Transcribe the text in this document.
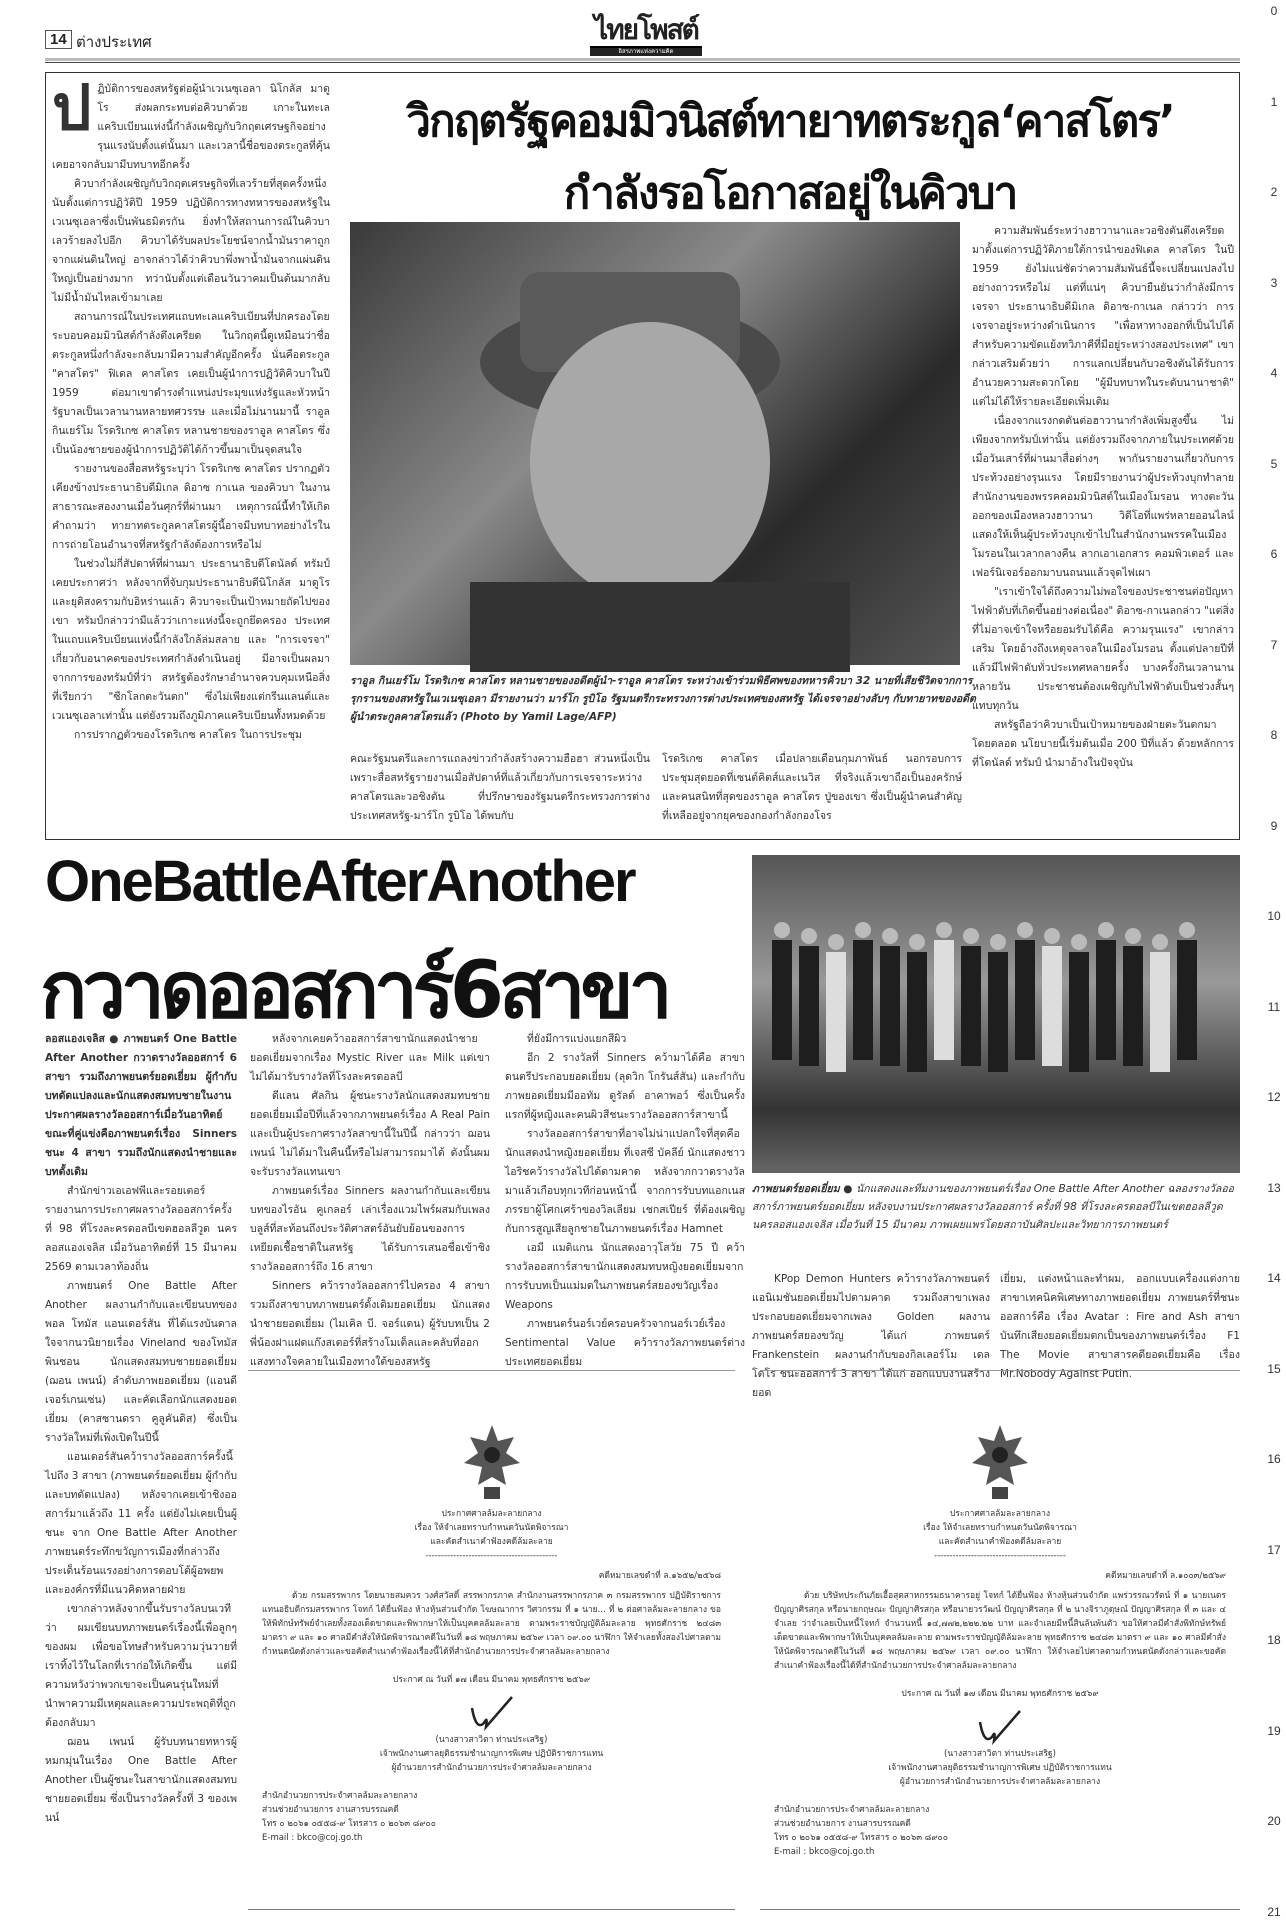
14 ต่างประเทศ	ไทยโพสต์
อิสรภาพแห่งความคิด
ป ฏิบัติการของสหรัฐต่อผู้นำเวเนซุเอลา นิโกลัส มาดูโร ส่งผลกระทบต่อคิวบาด้วย เกาะในทะเลแคริบเบียนแห่งนี้กำลังเผชิญกับวิกฤตเศรษฐกิจอย่างรุนแรงนับตั้งแต่นั้นมา และเวลานี้ชื่อของตระกูลที่คุ้นเคยอาจกลับมามีบทบาทอีกครั้ง

คิวบากำลังเผชิญกับวิกฤตเศรษฐกิจที่เลวร้ายที่สุดครั้งหนึ่งนับตั้งแต่การปฏิวัติปี 1959 ปฏิบัติการทางทหารของสหรัฐในเวเนซุเอลาซึ่งเป็นพันธมิตรกัน ยิ่งทำให้สถานการณ์ในคิวบาเลวร้ายลงไปอีก คิวบาได้รับผลประโยชน์จากน้ำมันราคาถูกจากแผ่นดินใหญ่ อาจกล่าวได้ว่าคิวบาพึ่งพาน้ำมันจากแผ่นดินใหญ่เป็นอย่างมาก ทว่านับตั้งแต่เดือนวันวาคมเป็นต้นมากลับไม่มีน้ำมันไหลเข้ามาเลย

สถานการณ์ในประเทศแถบทะเลแคริบเบียนที่ปกครองโดยระบอบคอมมิวนิสต์กำลังตึงเครียด ในวิกฤตนี้ดูเหมือนว่าชื่อตระกูลหนึ่งกำลังจะกลับมามีความสำคัญอีกครั้ง นั่นคือตระกูล "คาสโตร" ฟิเดล คาสโตร เคยเป็นผู้นำการปฏิวัติคิวบาในปี 1959 ต่อมาเขาดำรงตำแหน่งประมุขแห่งรัฐและหัวหน้ารัฐบาลเป็นเวลานานหลายทศวรรษ และเมื่อไม่นานมานี้ ราอูล กินเยร์โม โรดริเกซ คาสโตร หลานชายของราอูล คาสโตร ซึ่งเป็นน้องชายของผู้นำการปฏิวัติได้ก้าวขึ้นมาเป็นจุดสนใจ

รายงานของสื่อสหรัฐระบุว่า โรดริเกซ คาสโตร ปรากฏตัวเคียงข้างประธานาธิบดีมิเกล ดิอาซ กาเนล ของคิวบา ในงานสาธารณะสองงานเมื่อวันศุกร์ที่ผ่านมา เหตุการณ์นี้ทำให้เกิดคำถามว่า ทายาทตระกูลคาสโตรผู้นี้อาจมีบทบาทอย่างไรในการถ่ายโอนอำนาจที่สหรัฐกำลังต้องการหรือไม่

ในช่วงไม่กี่สัปดาห์ที่ผ่านมา ประธานาธิบดีโดนัลด์ ทรัมป์ เคยประกาศว่า หลังจากที่จับกุมประธานาธิบดีนิโกลัส มาดูโร และยุติสงครามกับอิหร่านแล้ว คิวบาจะเป็นเป้าหมายถัดไปของเขา ทรัมป์กล่าวว่ามีแล้วว่าเกาะแห่งนี้จะถูกยึดครอง ประเทศในแถบแคริบเบียนแห่งนี้กำลังใกล้ล่มสลาย และ "การเจรจา" เกี่ยวกับอนาคตของประเทศกำลังดำเนินอยู่ มีอาจเป็นผลมาจากการของทรัมป์ที่ว่า สหรัฐต้องรักษาอำนาจควบคุมเหนือสิ่งที่เรียกว่า "ซีกโลกตะวันตก" ซึ่งไม่เพียงแต่กรีนแลนด์และเวเนซุเอลาเท่านั้น แต่ยังรวมถึงภูมิภาคแคริบเบียนทั้งหมดด้วย

การปรากฏตัวของโรดริเกซ คาสโตร ในการประชุม

วิกฤตรัฐคอมมิวนิสต์ทายาทตระกูล‘คาสโตร’
กำลังรอโอกาสอยู่ในคิวบา
ราอูล กินเยร์โม โรดริเกซ คาสโตร หลานชายของอดีตผู้นำ-ราอูล คาสโตร ระหว่างเข้าร่วมพิธีศพของทหารคิวบา 32 นายที่เสียชีวิตจากการรุกรานของสหรัฐในเวเนซุเอลา มีรายงานว่า มาร์โก รูบิโอ รัฐมนตรีกระทรวงการต่างประเทศของสหรัฐ ได้เจรจาอย่างลับๆ กับทายาทของอดีตผู้นำตระกูลคาสโตรแล้ว (Photo by Yamil Lage/AFP)

คณะรัฐมนตรีและการแถลงข่าวกำลังสร้างความฮือฮา ส่วนหนึ่งเป็นเพราะสื่อสหรัฐรายงานเมื่อสัปดาห์ที่แล้วเกี่ยวกับการเจรจาระหว่างคาสโตรและวอชิงตัน ที่ปรึกษาของรัฐมนตรีกระทรวงการต่างประเทศสหรัฐ-มาร์โก รูบิโอ ได้พบกับ

โรดริเกซ คาสโตร เมื่อปลายเดือนกุมภาพันธ์ นอกรอบการประชุมสุดยอดที่เซนต์คิตส์และเนวิส ที่จริงแล้วเขาถือเป็นองครักษ์และคนสนิทที่สุดของราอูล คาสโตร ปู่ของเขา ซึ่งเป็นผู้นำคนสำคัญที่เหลืออยู่จากยุคของกองกำลังกองโจร

ความสัมพันธ์ระหว่างฮาวานาและวอชิงตันตึงเครียดมาตั้งแต่การปฏิวัติภายใต้การนำของฟิเดล คาสโตร ในปี 1959 ยังไม่แน่ชัดว่าความสัมพันธ์นี้จะเปลี่ยนแปลงไปอย่างถาวรหรือไม่ แต่ที่แน่ๆ คิวบายืนยันว่ากำลังมีการเจรจา ประธานาธิบดีมิเกล ดิอาซ-กาเนล กล่าวว่า การเจรจาอยู่ระหว่างดำเนินการ "เพื่อหาทางออกที่เป็นไปได้สำหรับความขัดแย้งทวิภาคีที่มีอยู่ระหว่างสองประเทศ" เขากล่าวเสริมด้วยว่า การแลกเปลี่ยนกับวอชิงตันได้รับการอำนวยความสะดวกโดย "ผู้มีบทบาทในระดับนานาชาติ" แต่ไม่ได้ให้รายละเอียดเพิ่มเติม

เนื่องจากแรงกดดันต่อฮาวานากำลังเพิ่มสูงขึ้น ไม่เพียงจากทรัมป์เท่านั้น แต่ยังรวมถึงจากภายในประเทศด้วย เมื่อวันเสาร์ที่ผ่านมาสื่อต่างๆ พากันรายงานเกี่ยวกับการประท้วงอย่างรุนแรง โดยมีรายงานว่าผู้ประท้วงบุกทำลายสำนักงานของพรรคคอมมิวนิสต์ในเมืองโมรอน ทางตะวันออกของเมืองหลวงฮาวานา วิดีโอที่แพร่หลายออนไลน์แสดงให้เห็นผู้ประท้วงบุกเข้าไปในสำนักงานพรรคในเมืองโมรอนในเวลากลางคืน ลากเอาเอกสาร คอมพิวเตอร์ และเฟอร์นิเจอร์ออกมาบนถนนแล้วจุดไฟเผา

"เราเข้าใจได้ถึงความไม่พอใจของประชาชนต่อปัญหาไฟฟ้าดับที่เกิดขึ้นอย่างต่อเนื่อง" ดิอาซ-กาเนลกล่าว "แต่สิ่งที่ไม่อาจเข้าใจหรือยอมรับได้คือ ความรุนแรง" เขากล่าวเสริม โดยอ้างถึงเหตุจลาจลในเมืองโมรอน ตั้งแต่ปลายปีที่แล้วมีไฟฟ้าดับทั่วประเทศหลายครั้ง บางครั้งกินเวลานานหลายวัน ประชาชนต้องเผชิญกับไฟฟ้าดับเป็นช่วงสั้นๆ แทบทุกวัน

สหรัฐถือว่าคิวบาเป็นเป้าหมายของฝ่ายตะวันตกมาโดยตลอด นโยบายนี้เริ่มต้นเมื่อ 200 ปีที่แล้ว ด้วยหลักการที่โดนัลด์ ทรัมป์ นำมาอ้างในปัจจุบัน

OneBattleAfterAnother
กวาดออสการ์6สาขา
ภาพยนตร์ยอดเยี่ยม ● นักแสดงและทีมงานของภาพยนตร์เรื่อง One Battle After Another ฉลองรางวัลออสการ์ภาพยนตร์ยอดเยี่ยม หลังจบงานประกาศผลรางวัลออสการ์ ครั้งที่ 98 ที่โรงละครดอลบีในเขตฮอลลีวูด นครลอสแองเจลิส เมื่อวันที่ 15 มีนาคม ภาพเผยแพร่โดยสถาบันศิลปะและวิทยาการภาพยนตร์

ลอสแองเจลิส ● ภาพยนตร์ One Battle After Another กวาดรางวัลออสการ์ 6 สาขา รวมถึงภาพยนตร์ยอดเยี่ยม ผู้กำกับบทดัดแปลงและนักแสดงสมทบชายในงานประกาศผลรางวัลออสการ์เมื่อวันอาทิตย์ ขณะที่คู่แข่งคือภาพยนตร์เรื่อง Sinners ชนะ 4 สาขา รวมถึงนักแสดงนำชายและบทดั้งเดิม

สำนักข่าวเอเอฟพีและรอยเตอร์รายงานการประกาศผลรางวัลออสการ์ครั้งที่ 98 ที่โรงละครดอลบีเขตฮอลลีวูด นครลอสแองเจลิส เมื่อวันอาทิตย์ที่ 15 มีนาคม 2569 ตามเวลาท้องถิ่น

ภาพยนตร์ One Battle After Another ผลงานกำกับและเขียนบทของพอล โทมัส แอนเดอร์สัน ที่ได้แรงบันดาลใจจากนวนิยายเรื่อง Vineland ของโทมัส พินชอน นักแสดงสมทบชายยอดเยี่ยม (ฌอน เพนน์) ลำดับภาพยอดเยี่ยม (แอนดี เจอร์เกนเซ่น) และคัดเลือกนักแสดงยอดเยี่ยม (คาสซานดรา คูลูคันดิส) ซึ่งเป็นรางวัลใหม่ที่เพิ่งเปิดในปีนี้

แอนเดอร์สันคว้ารางวัลออสการ์ครั้งนี้ไปถึง 3 สาขา (ภาพยนตร์ยอดเยี่ยม ผู้กำกับและบทดัดแปลง) หลังจากเคยเข้าชิงออสการ์มาแล้วถึง 11 ครั้ง แต่ยังไม่เคยเป็นผู้ชนะ จาก One Battle After Another ภาพยนตร์ระทึกขวัญการเมืองที่กล่าวถึงประเด็นร้อนแรงอย่างการตอบโต้ผู้อพยพและองค์กรที่มีแนวคิดหลายฝ่าย

เขากล่าวหลังจากขึ้นรับรางวัลบนเวทีว่า ผมเขียนบทภาพยนตร์เรื่องนี้เพื่อลูกๆ ของผม เพื่อขอโทษสำหรับความวุ่นวายที่เราทิ้งไว้ในโลกที่เราก่อให้เกิดขึ้น แต่มีความหวังว่าพวกเขาจะเป็นคนรุ่นใหม่ที่นำพาความมีเหตุผลและความประพฤติที่ถูกต้องกลับมา

ฌอน เพนน์ ผู้รับบทนายทหารผู้หมกมุ่นในเรื่อง One Battle After Another เป็นผู้ชนะในสาขานักแสดงสมทบชายยอดเยี่ยม ซึ่งเป็นรางวัลครั้งที่ 3 ของเพนน์

หลังจากเคยคว้าออสการ์สาขานักแสดงนำชายยอดเยี่ยมจากเรื่อง Mystic River และ Milk แต่เขาไม่ได้มารับรางวัลที่โรงละครดอลบี

ดีแลน ศัลกิน ผู้ชนะรางวัลนักแสดงสมทบชายยอดเยี่ยมเมื่อปีที่แล้วจากภาพยนตร์เรื่อง A Real Pain และเป็นผู้ประกาศรางวัลสาขานี้ในปีนี้ กล่าวว่า ฌอน เพนน์ ไม่ได้มาในคืนนี้หรือไม่สามารถมาได้ ดังนั้นผมจะรับรางวัลแทนเขา

ภาพยนตร์เรื่อง Sinners ผลงานกำกับและเขียนบทของไรอัน คูเกลอร์ เล่าเรื่องแวมไพร์ผสมกับเพลงบลูส์ที่สะท้อนถึงประวัติศาสตร์อันยับย้อนของการเหยียดเชื้อชาติในสหรัฐ ได้รับการเสนอชื่อเข้าชิงรางวัลออสการ์ถึง 16 สาขา

Sinners คว้ารางวัลออสการ์ไปครอง 4 สาขา รวมถึงสาขาบทภาพยนตร์ดั้งเดิมยอดเยี่ยม นักแสดงนำชายยอดเยี่ยม (ไมเคิล บี. จอร์แดน) ผู้รับบทเป็น 2 พี่น้องฝาแฝดแก๊งสเตอร์ที่สร้างโมเต็ลและคลับที่ออกแสงทางใจคลายในเมืองทางใต้ของสหรัฐ

ที่ยังมีการแบ่งแยกสีผิว

อีก 2 รางวัลที่ Sinners คว้ามาได้คือ สาขาดนตรีประกอบยอดเยี่ยม (ลุดวิก โกรันส์สัน) และกำกับภาพยอดเยี่ยมมีออทัม ดูรัลด์ อาคาพอว์ ซึ่งเป็นครั้งแรกที่ผู้หญิงและคนผิวสีชนะรางวัลออสการ์สาขานี้

รางวัลออสการ์สาขาที่อาจไม่น่าแปลกใจที่สุดคือนักแสดงนำหญิงยอดเยี่ยม ที่เจสซี บัคลีย์ นักแสดงชาวไอริชคว้ารางวัลไปได้ตามคาด หลังจากกวาดรางวัลมาแล้วเกือบทุกเวทีก่อนหน้านี้ จากการรับบทแอกเนส ภรรยาผู้โศกเศร้าของวิลเลียม เชกสเปียร์ ที่ต้องเผชิญกับการสูญเสียลูกชายในภาพยนตร์เรื่อง Hamnet

เอมี แมดิแกน นักแสดงอาวุโสวัย 75 ปี คว้ารางวัลออสการ์สาขานักแสดงสมทบหญิงยอดเยี่ยมจากการรับบทเป็นแม่มดในภาพยนตร์สยองขวัญเรื่อง Weapons

ภาพยนตร์นอร์เวย์ครอบครัวจากนอร์เวย์เรื่อง Sentimental Value คว้ารางวัลภาพยนตร์ต่างประเทศยอดเยี่ยม

KPop Demon Hunters คว้ารางวัลภาพยนตร์แอนิเมชันยอดเยี่ยมไปตามคาด รวมถึงสาขาเพลงประกอบยอดเยี่ยมจากเพลง Golden ผลงานภาพยนตร์สยองขวัญ ได้แก่ ภาพยนตร์ Frankenstein ผลงานกำกับของกิลเลอร์โม เดล โตโร ชนะออสการ์ 3 สาขา ได้แก่ ออกแบบงานสร้างยอด

เยี่ยม, แต่งหน้าและทำผม, ออกแบบเครื่องแต่งกาย สาขาเทคนิคพิเศษทางภาพยอดเยี่ยม ภาพยนตร์ที่ชนะออสการ์คือ เรื่อง Avatar : Fire and Ash สาขาบันทึกเสียงยอดเยี่ยมตกเป็นของภาพยนตร์เรื่อง F1 The Movie สาขาสารคดียอดเยี่ยมคือ เรื่อง Mr.Nobody Against Putin.

ประกาศศาลล้มละลายกลาง
เรื่อง ให้จำเลยทราบกำหนดวันนัดพิจารณา
และคัดสำเนาคำฟ้องคดีล้มละลาย
-------------------------------------------
คดีหมายเลขดำที่ ล.๑๖๕๒/๒๕๖๘
ด้วย กรมสรรพากร โดยนายสมควร วงศ์สวัสดิ์ สรรพากรภาค สำนักงานสรรพากรภาค ๓ กรมสรรพากร ปฏิบัติราชการแทนอธิบดีกรมสรรพากร โจทก์ ได้ยื่นฟ้อง ห้างหุ้นส่วนจำกัด โฆษณาการ วิศวกรรม ที่ ๑ นาย... ที่ ๒ ต่อศาลล้มละลายกลาง ขอให้พิทักษ์ทรัพย์จำเลยทั้งสองเด็ดขาดและพิพากษาให้เป็นบุคคลล้มละลาย ตามพระราชบัญญัติล้มละลาย พุทธศักราช ๒๔๘๓ มาตรา ๙ และ ๑๐ ศาลมีคำสั่งให้นัดพิจารณาคดีในวันที่ ๑๘ พฤษภาคม ๒๕๖๙ เวลา ๐๙.๐๐ นาฬิกา ให้จำเลยทั้งสองไปศาลตามกำหนดนัดดังกล่าวและขอคัดสำเนาคำฟ้องเรื่องนี้ได้ที่สำนักอำนวยการประจำศาลล้มละลายกลาง
ประกาศ ณ วันที่ ๑๗ เดือน มีนาคม พุทธศักราช ๒๕๖๙
(นางสาวสาวิตา ท่านประเสริฐ)
เจ้าพนักงานศาลยุติธรรมชำนาญการพิเศษ ปฏิบัติราชการแทน
ผู้อำนวยการสำนักอำนวยการประจำศาลล้มละลายกลาง
สำนักอำนวยการประจำศาลล้มละลายกลาง
ส่วนช่วยอำนวยการ งานสารบรรณคดี
โทร ๐ ๒๐๖๑ ๐๕๕๘-๙ โทรสาร ๐ ๒๐๖๓ ๘๙๐๐
E-mail : bkco@coj.go.th
ประกาศศาลล้มละลายกลาง
เรื่อง ให้จำเลยทราบกำหนดวันนัดพิจารณา
และคัดสำเนาคำฟ้องคดีล้มละลาย
-------------------------------------------
คดีหมายเลขดำที่ ล.๑๐๐๓/๒๕๖๙
ด้วย บริษัทประกันภัยเอื้อสุตสาหกรรมธนาคารอยู่ โจทก์ ได้ยื่นฟ้อง ห้างหุ้นส่วนจำกัด แพร่วรรณวรัตน์ ที่ ๑ นายเนตร ปัญญาศิรสกุล หรือนายกฤษณะ ปัญญาศิรสกุล หรือนายวรวัฒน์ ปัญญาศิรสกุล ที่ ๒ นางจิราภูดุษณ์ ปัญญาศิรสกุล ที่ ๓ และ ๔ จำเลย ว่าจำเลยเป็นหนี้โจทก์ จำนวนหนี้ ๑๔,๗๗๒,๒๒๒.๒๒ บาท และจำเลยมีหนี้สินล้นพ้นตัว ขอให้ศาลมีคำสั่งพิทักษ์ทรัพย์เด็ดขาดและพิพากษาให้เป็นบุคคลล้มละลาย ตามพระราชบัญญัติล้มละลาย พุทธศักราช ๒๔๘๓ มาตรา ๙ และ ๑๐ ศาลมีคำสั่งให้นัดพิจารณาคดีในวันที่ ๑๘ พฤษภาคม ๒๕๖๙ เวลา ๐๙.๐๐ นาฬิกา ให้จำเลยไปศาลตามกำหนดนัดดังกล่าวและขอคัดสำเนาคำฟ้องเรื่องนี้ได้ที่สำนักอำนวยการประจำศาลล้มละลายกลาง
ประกาศ ณ วันที่ ๑๗ เดือน มีนาคม พุทธศักราช ๒๕๖๙
(นางสาวสาวิตา ท่านประเสริฐ)
เจ้าพนักงานศาลยุติธรรมชำนาญการพิเศษ ปฏิบัติราชการแทน
ผู้อำนวยการสำนักอำนวยการประจำศาลล้มละลายกลาง
สำนักอำนวยการประจำศาลล้มละลายกลาง
ส่วนช่วยอำนวยการ งานสารบรรณคดี
โทร ๐ ๒๐๖๑ ๐๕๕๘-๙ โทรสาร ๐ ๒๐๖๓ ๘๙๐๐
E-mail : bkco@coj.go.th
0
1
2
3
4
5
6
7
8
9
10
11
12
13
14
15
16
17
18
19
20
21
